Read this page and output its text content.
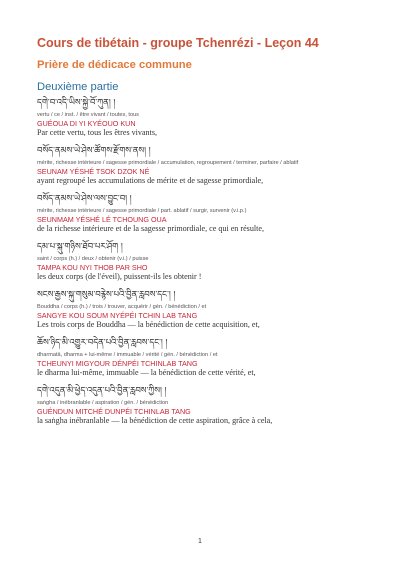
Cours de tibétain - groupe Tchenrézi - Leçon 44
Prière de dédicace commune
Deuxième partie
དགེ་བ་འདི་ཡིས་སྐྱེ་བོ་ཀུན། །
vertu / ce / inst. / être vivant / toutes, tous
GUÉOUA DI YI KYÉOUO KUN
Par cette vertu, tous les êtres vivants,
བསོད་ནམས་ཡེ་ཤེས་ཚོགས་རྫོགས་ནས། །
mérite, richesse intérieure / sagesse primordiale / accumulation, regroupement / terminer, parfaire / ablatif
SEUNAM YÉSHÉ TSOK DZOK NÉ
ayant regroupé les accumulations de mérite et de sagesse primordiale,
བསོད་ནམས་ཡེ་ཤེས་ལས་བྱུང་བ། །
mérite, richesse intérieure / sagesse primordiale / part. ablatif / surgir, survenir (v.i.p.)
SEUNMAM YÉSHÉ LÉ TCHOUNG OUA
de la richesse intérieure et de la sagesse primordiale, ce qui en résulte,
དམ་པ་སྐུ་གཉིས་ཐོབ་པར་ཤོག །
saint / corps (h.) / deux / obtenir (v.i.) / puisse
TAMPA KOU NYI THOB PAR SHO
les deux corps (de l'éveil), puissent-ils les obtenir !
སངས་རྒྱས་སྐུ་གསུམ་བརྙེས་པའི་བྱིན་རླབས་དང་། །
Bouddha / corps (h.) / trois / trouver, acquérir / gén. / bénédiction / et
SANGYE KOU SOUM NYÉPÉI TCHIN LAB TANG
Les trois corps de Bouddha — la bénédiction de cette acquisition, et,
ཆོས་ཉིད་མི་འགྱུར་བདེན་པའི་བྱིན་རླབས་དང་། །
dharmatā, dharma + lui-même / immuable / vérité / gén. / bénédiction / et
TCHEUNYI MIGYOUR DÉNPÉI TCHINLAB TANG
le dharma lui-même, immuable — la bénédiction de cette vérité, et,
དགེ་འདུན་མི་ཕྱེད་འདུན་པའི་བྱིན་རླབས་ཀྱིས། །
saṅgha / inébranlable / aspiration / gén. / bénédiction
GUÉNDUN MITCHÉ DUNPÉI TCHINLAB TANG
la saṅgha inébranlable — la bénédiction de cette aspiration, grâce à cela,
1
